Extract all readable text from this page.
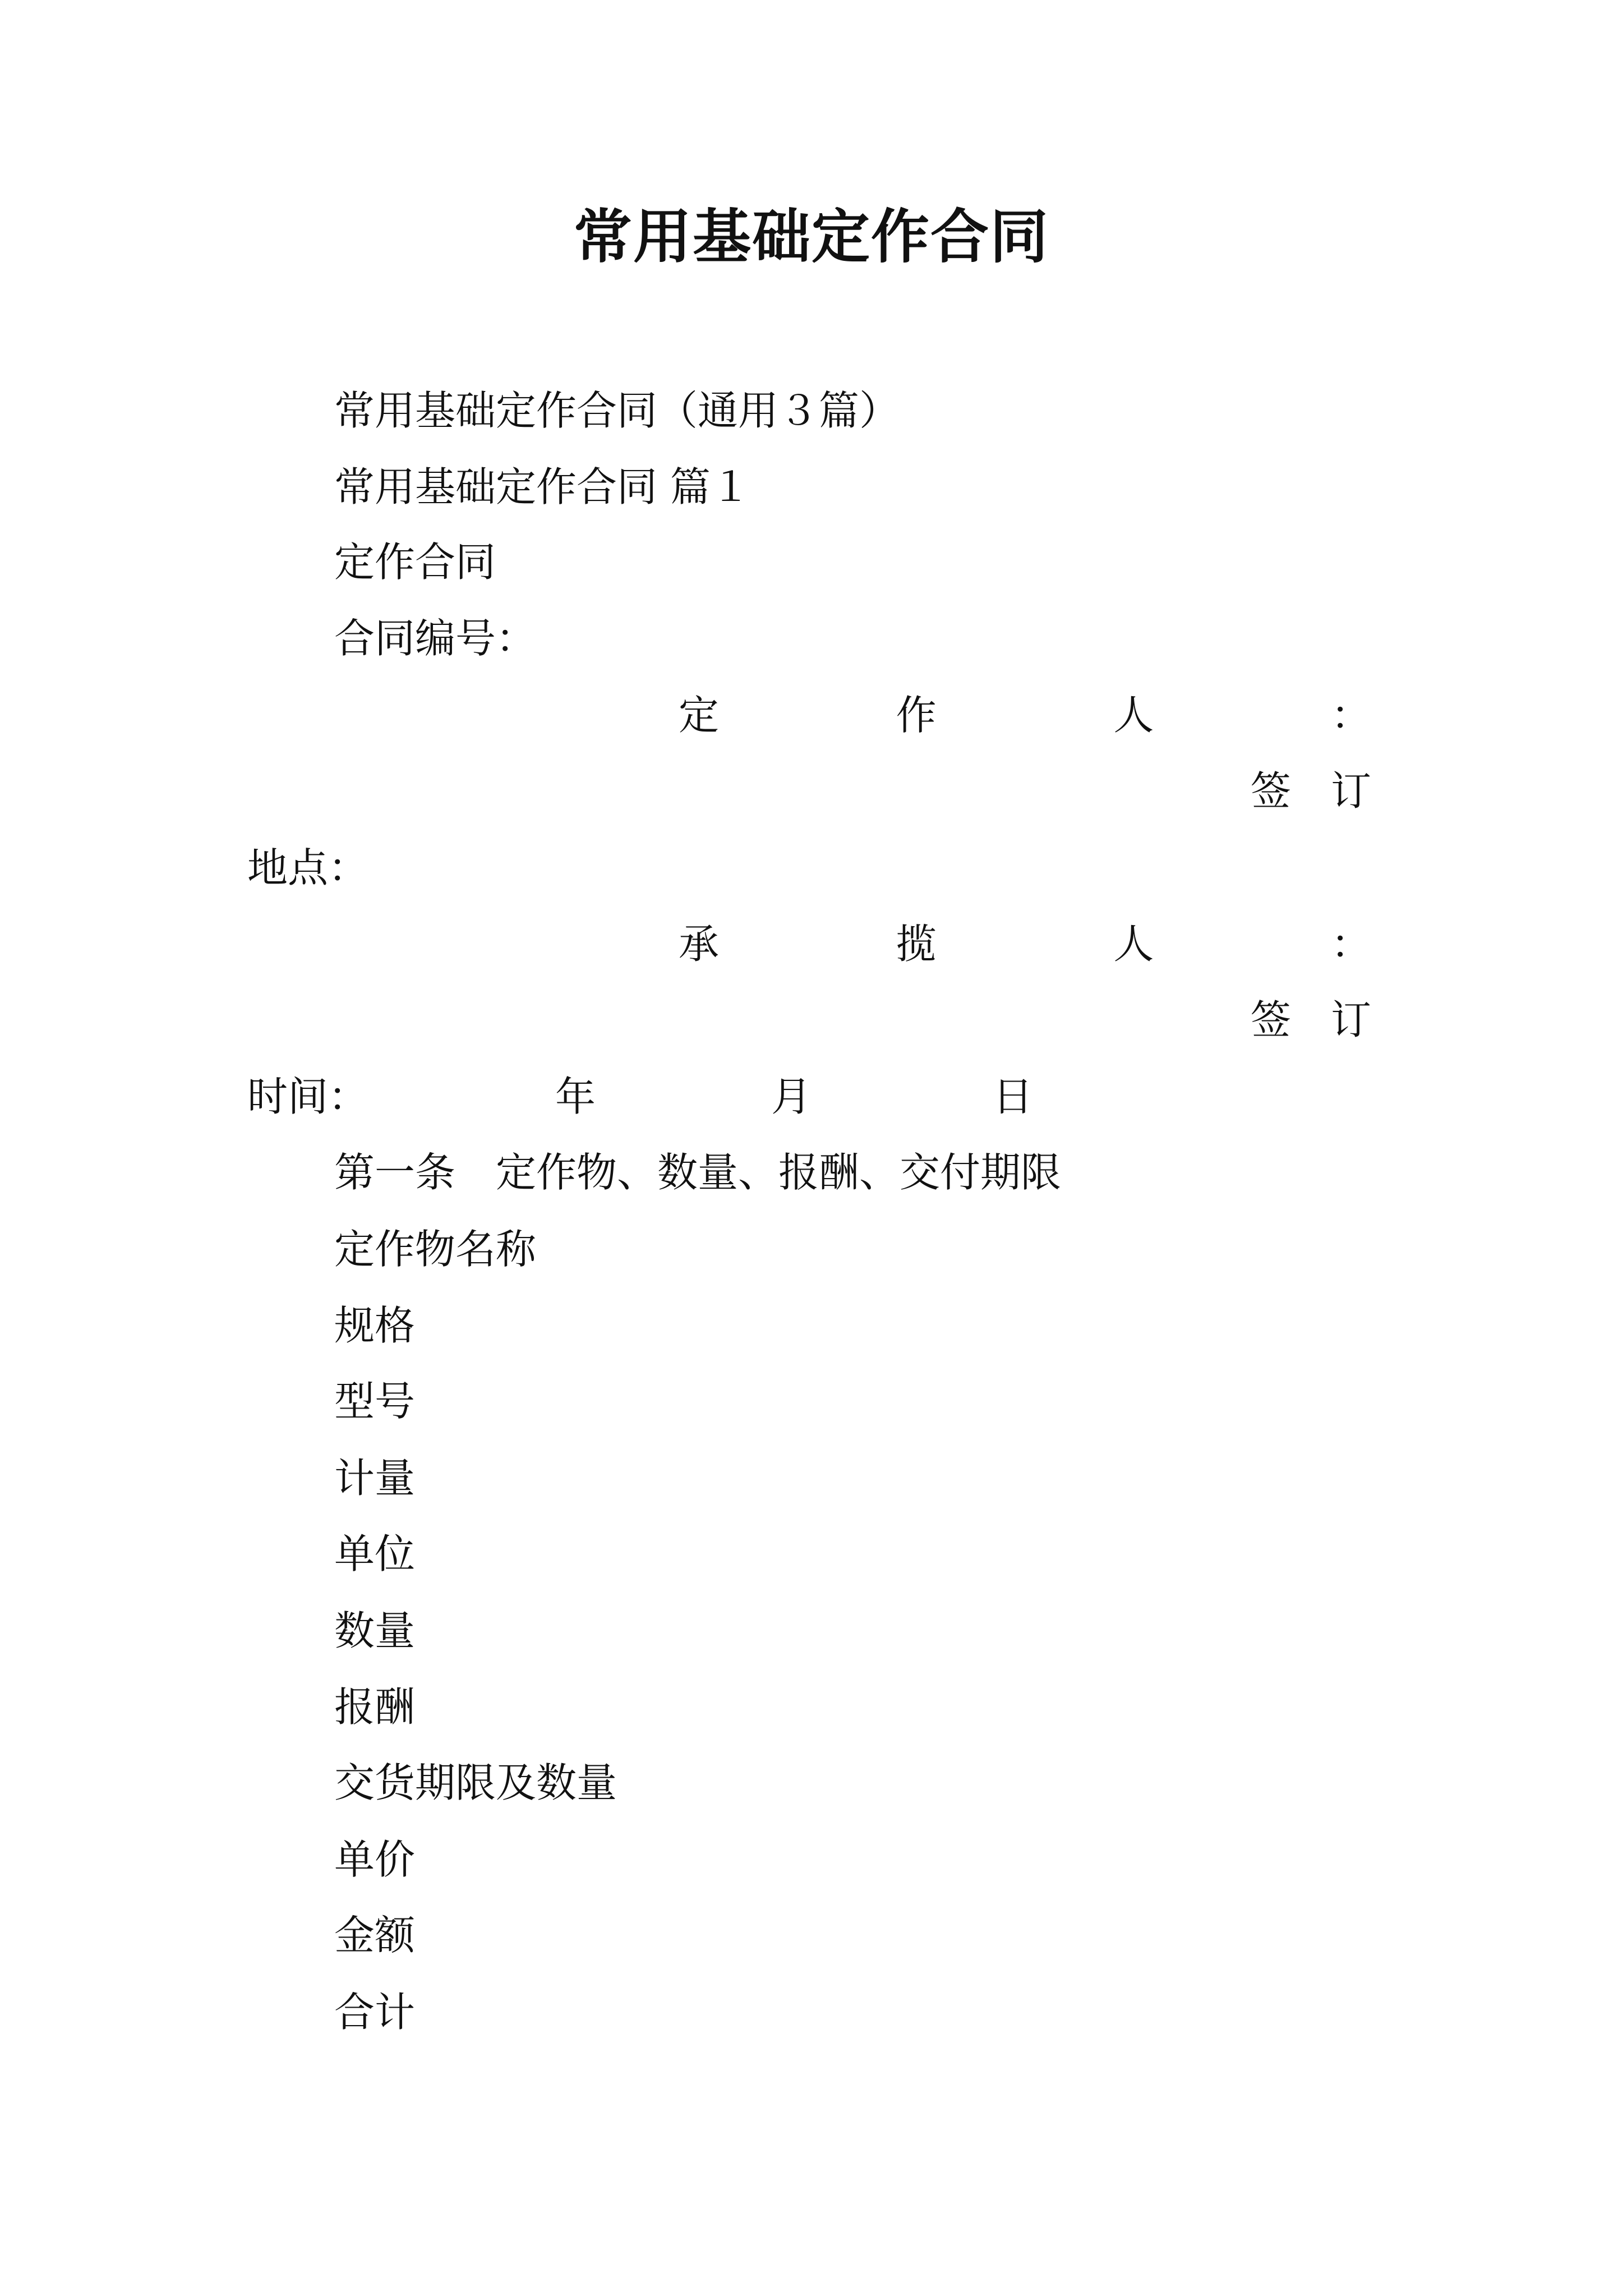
常用基础定作合同
常用基础定作合同（通用３篇）
常用基础定作合同 篇１
定作合同
合同编号：
定	作	人	：
签 订
地点：
承	揽	人	：
签 订
时间：	年	月	日
第一条　定作物、数量、报酬、交付期限
定作物名称
规格
型号
计量
单位
数量
报酬
交货期限及数量
单价
金额
合计
